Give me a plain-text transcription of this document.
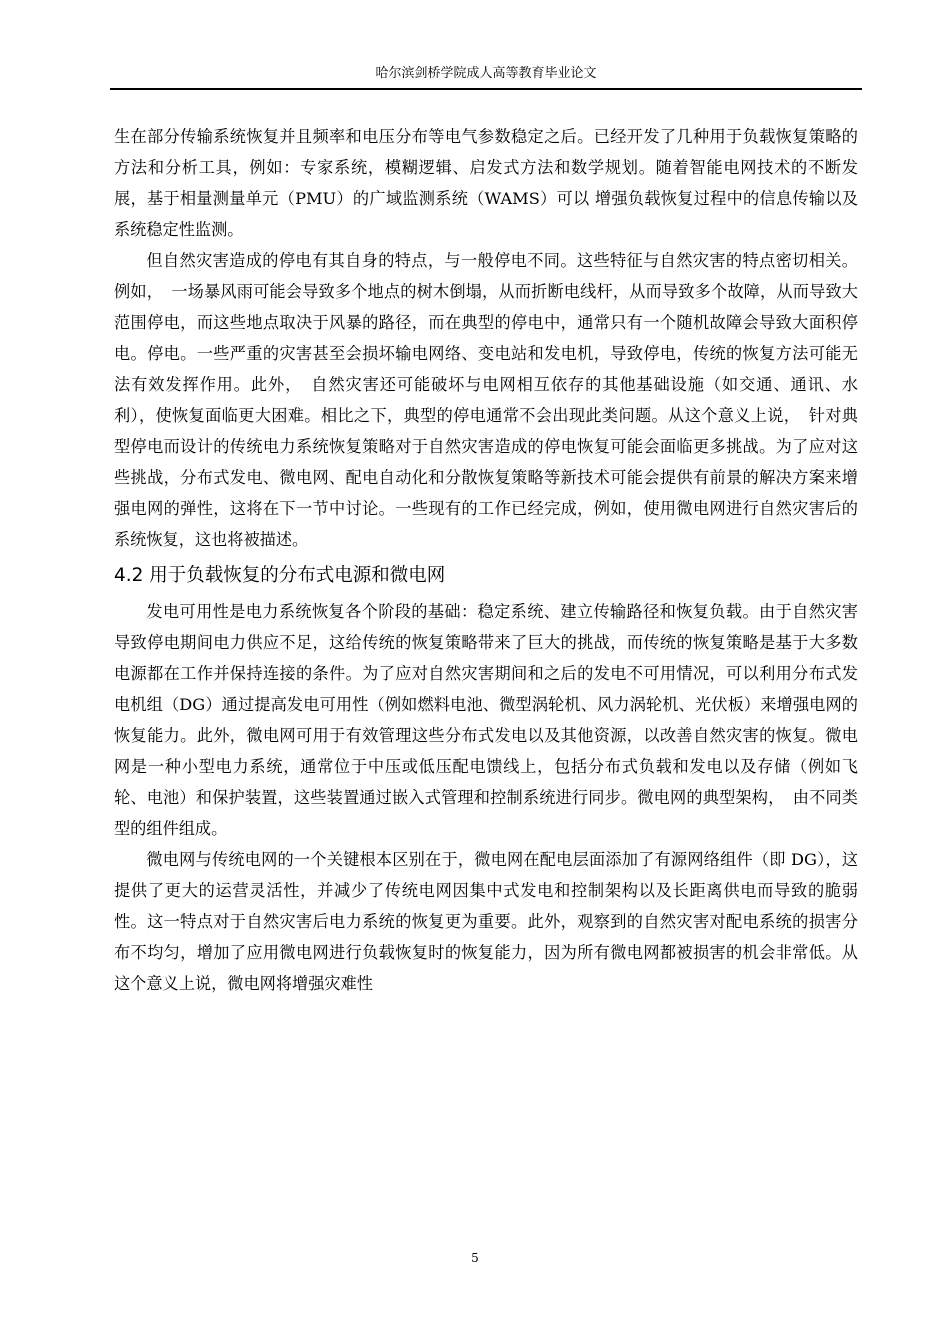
哈尔滨剑桥学院成人高等教育毕业论文

生在部分传输系统恢复并且频率和电压分布等电气参数稳定之后。已经开发了几种用于负载恢复策略的方法和分析工具，例如：专家系统，模糊逻辑、启发式方法和数学规划。随着智能电网技术的不断发展，基于相量测量单元（PMU）的广域监测系统（WAMS）可以 增强负载恢复过程中的信息传输以及系统稳定性监测。

但自然灾害造成的停电有其自身的特点，与一般停电不同。这些特征与自然灾害的特点密切相关。例如，　一场暴风雨可能会导致多个地点的树木倒塌，从而折断电线杆，从而导致多个故障，从而导致大范围停电，而这些地点取决于风暴的路径，而在典型的停电中，通常只有一个随机故障会导致大面积停电。停电。一些严重的灾害甚至会损坏输电网络、变电站和发电机，导致停电，传统的恢复方法可能无法有效发挥作用。此外，　自然灾害还可能破坏与电网相互依存的其他基础设施（如交通、通讯、水利），使恢复面临更大困难。相比之下，典型的停电通常不会出现此类问题。从这个意义上说，　针对典型停电而设计的传统电力系统恢复策略对于自然灾害造成的停电恢复可能会面临更多挑战。为了应对这些挑战，分布式发电、微电网、配电自动化和分散恢复策略等新技术可能会提供有前景的解决方案来增强电网的弹性，这将在下一节中讨论。一些现有的工作已经完成，例如，使用微电网进行自然灾害后的系统恢复，这也将被描述。

4.2 用于负载恢复的分布式电源和微电网

发电可用性是电力系统恢复各个阶段的基础：稳定系统、建立传输路径和恢复负载。由于自然灾害导致停电期间电力供应不足，这给传统的恢复策略带来了巨大的挑战，而传统的恢复策略是基于大多数电源都在工作并保持连接的条件。为了应对自然灾害期间和之后的发电不可用情况，可以利用分布式发电机组（DG）通过提高发电可用性（例如燃料电池、微型涡轮机、风力涡轮机、光伏板）来增强电网的恢复能力。此外，微电网可用于有效管理这些分布式发电以及其他资源，以改善自然灾害的恢复。微电网是一种小型电力系统，通常位于中压或低压配电馈线上，包括分布式负载和发电以及存储（例如飞轮、电池）和保护装置，这些装置通过嵌入式管理和控制系统进行同步。微电网的典型架构，　由不同类型的组件组成。

微电网与传统电网的一个关键根本区别在于，微电网在配电层面添加了有源网络组件（即 DG），这提供了更大的运营灵活性，并减少了传统电网因集中式发电和控制架构以及长距离供电而导致的脆弱性。这一特点对于自然灾害后电力系统的恢复更为重要。此外，观察到的自然灾害对配电系统的损害分布不均匀，增加了应用微电网进行负载恢复时的恢复能力，因为所有微电网都被损害的机会非常低。从这个意义上说，微电网将增强灾难性

5
